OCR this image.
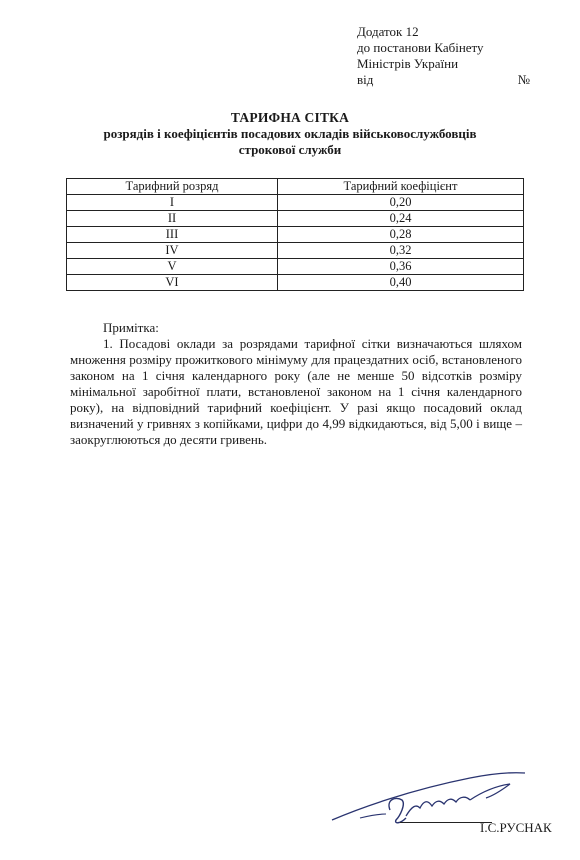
Додаток 12
до постанови Кабінету
Міністрів України
від	№
ТАРИФНА СІТКА
розрядів і коефіцієнтів посадових окладів військовослужбовців
строкової служби
Тарифний розряд	Тарифний коефіцієнт
I	0,20
II	0,24
III	0,28
IV	0,32
V	0,36
VI	0,40
Примітка:

1. Посадові оклади за розрядами тарифної сітки визначаються шляхом множення розміру прожиткового мінімуму для працездатних осіб, встановленого законом на 1 січня календарного року (але не менше 50 відсотків розміру мінімальної заробітної плати, встановленої законом на 1 січня календарного року), на відповідний тарифний коефіцієнт. У разі якщо посадовий оклад визначений у гривнях з копійками, цифри до 4,99 відкидаються, від 5,00 і вище – заокруглюються до десяти гривень.

І.С.РУСНАК
